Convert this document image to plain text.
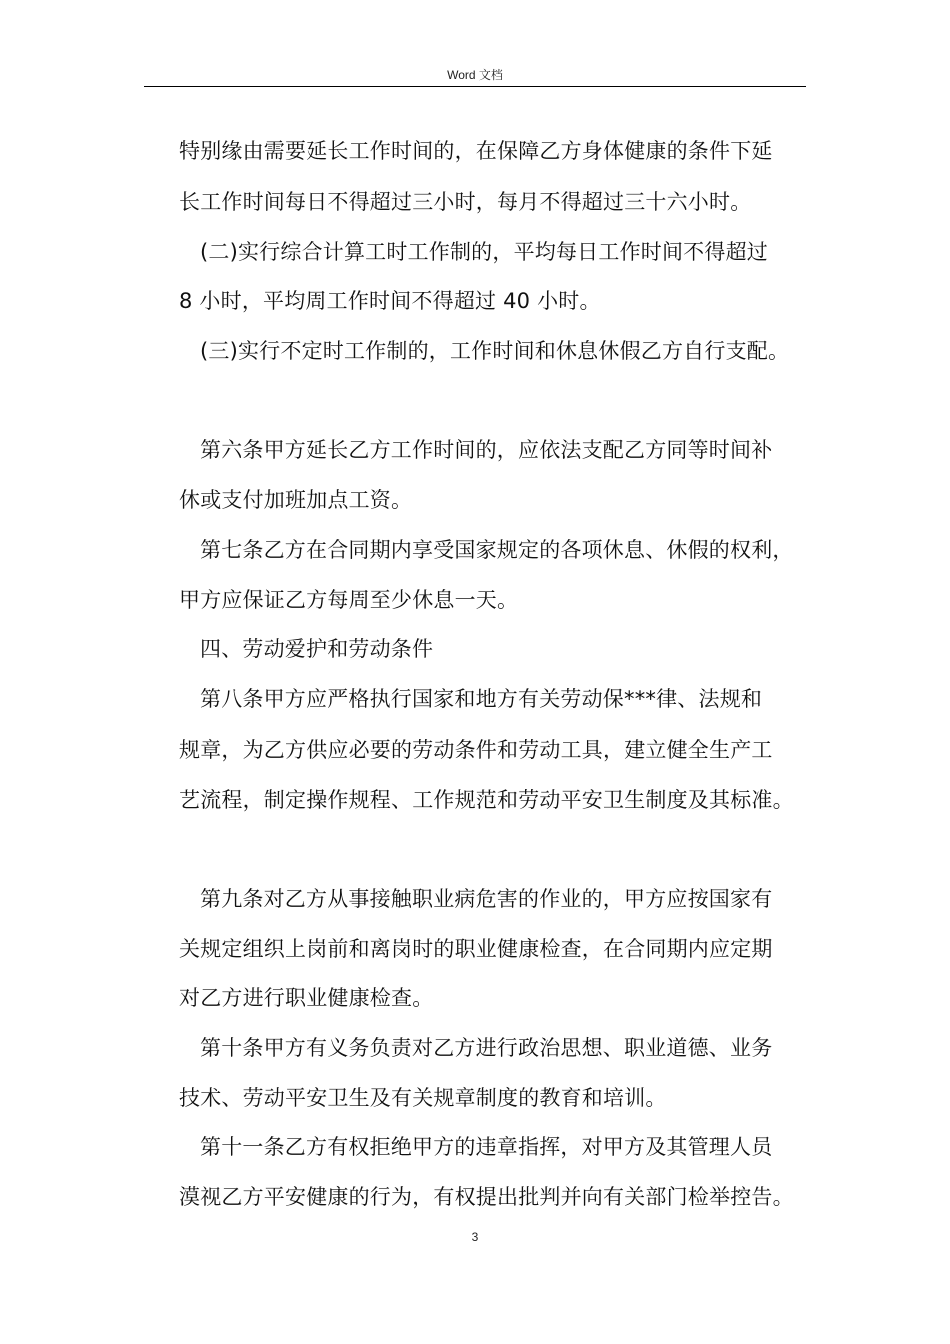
Word 文档
特别缘由需要延长工作时间的，在保障乙方身体健康的条件下延
长工作时间每日不得超过三小时，每月不得超过三十六小时。
(二)实行综合计算工时工作制的，平均每日工作时间不得超过
8 小时，平均周工作时间不得超过 40 小时。
(三)实行不定时工作制的，工作时间和休息休假乙方自行支配。
第六条甲方延长乙方工作时间的，应依法支配乙方同等时间补
休或支付加班加点工资。
第七条乙方在合同期内享受国家规定的各项休息、休假的权利，
甲方应保证乙方每周至少休息一天。
四、劳动爱护和劳动条件
第八条甲方应严格执行国家和地方有关劳动保***律、法规和
规章，为乙方供应必要的劳动条件和劳动工具，建立健全生产工
艺流程，制定操作规程、工作规范和劳动平安卫生制度及其标准。
第九条对乙方从事接触职业病危害的作业的，甲方应按国家有
关规定组织上岗前和离岗时的职业健康检查，在合同期内应定期
对乙方进行职业健康检查。
第十条甲方有义务负责对乙方进行政治思想、职业道德、业务
技术、劳动平安卫生及有关规章制度的教育和培训。
第十一条乙方有权拒绝甲方的违章指挥，对甲方及其管理人员
漠视乙方平安健康的行为，有权提出批判并向有关部门检举控告。
3
